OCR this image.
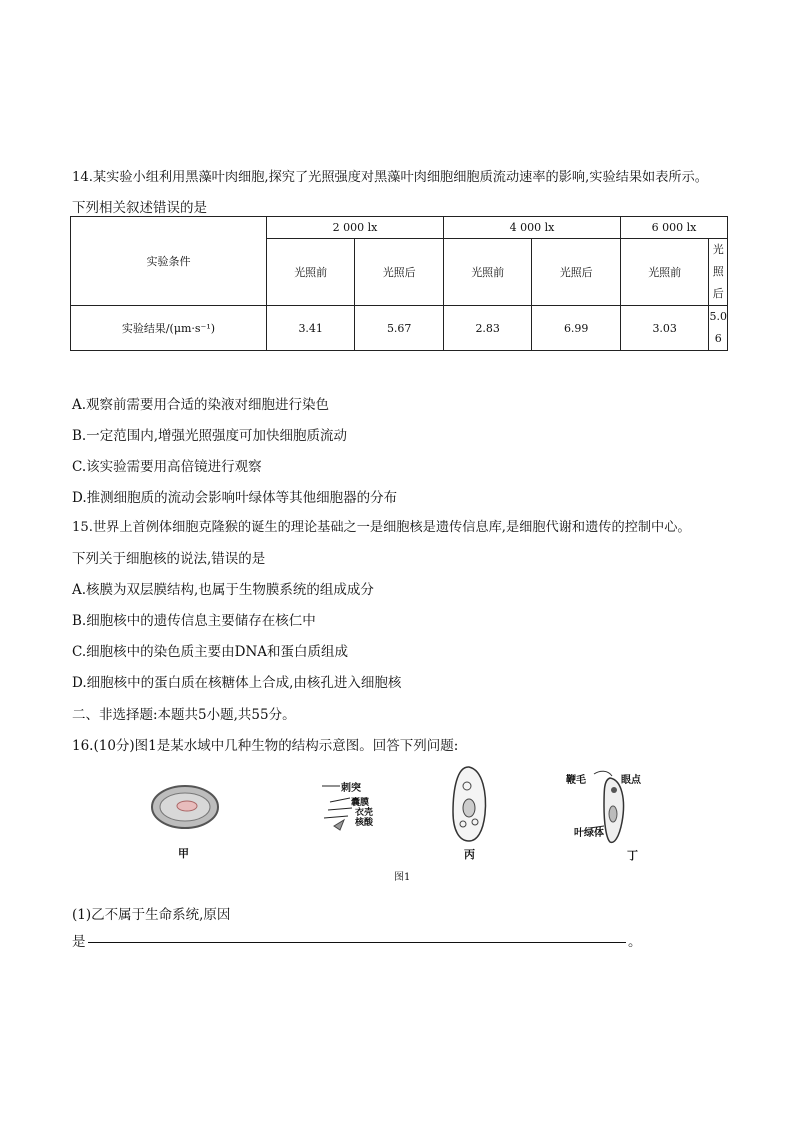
14.某实验小组利用黑藻叶肉细胞,探究了光照强度对黑藻叶肉细胞细胞质流动速率的影响,实验结果如表所示。
下列相关叙述错误的是
实验条件	2 000 lx		4 000 lx		6 000 lx	
	光照前	光照后	光照前	光照后	光照前	光
照
后

实验结果/(μm·s⁻¹)	3.41	5.67	2.83	6.99	3.03	5.0
6
A.观察前需要用合适的染液对细胞进行染色
B.一定范围内,增强光照强度可加快细胞质流动
C.该实验需要用高倍镜进行观察
D.推测细胞质的流动会影响叶绿体等其他细胞器的分布
15.世界上首例体细胞克隆猴的诞生的理论基础之一是细胞核是遗传信息库,是细胞代谢和遗传的控制中心。
下列关于细胞核的说法,错误的是
A.核膜为双层膜结构,也属于生物膜系统的组成成分
B.细胞核中的遗传信息主要储存在核仁中
C.细胞核中的染色质主要由DNA和蛋白质组成
D.细胞核中的蛋白质在核糖体上合成,由核孔进入细胞核
二、非选择题:本题共5小题,共55分。
16.(10分)图1是某水域中几种生物的结构示意图。回答下列问题:
甲
刺突
囊膜
衣壳
核酸
丙
鞭毛	眼点
叶绿体
丁
图1
(1)乙不属于生命系统,原因
是	。
